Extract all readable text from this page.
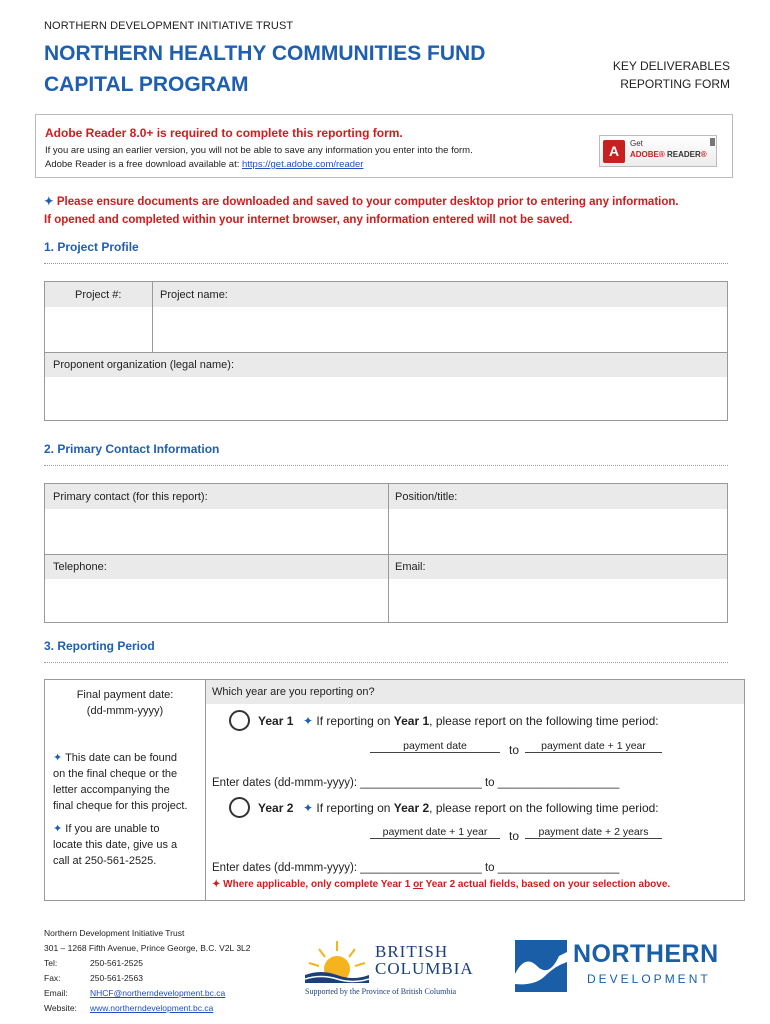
NORTHERN DEVELOPMENT INITIATIVE TRUST
NORTHERN HEALTHY COMMUNITIES FUND
CAPITAL PROGRAM
KEY DELIVERABLES
REPORTING FORM
Adobe Reader 8.0+ is required to complete this reporting form.
If you are using an earlier version, you will not be able to save any information you enter into the form.
Adobe Reader is a free download available at: https://get.adobe.com/reader
A	Get
ADOBE® READER®
✦ Please ensure documents are downloaded and saved to your computer desktop prior to entering any information.
If opened and completed within your internet browser, any information entered will not be saved.
1. Project Profile
Project #:	Project name:
Proponent organization (legal name):
2. Primary Contact Information
Primary contact (for this report):	Position/title:
Telephone:	Email:
3. Reporting Period
Final payment date:
(dd-mmm-yyyy)
✦ This date can be found
on the final cheque or the
letter accompanying the
final cheque for this project.
✦ If you are unable to
locate this date, give us a
call at 250-561-2525.
Which year are you reporting on?
Year 1 ✦ If reporting on Year 1, please report on the following time period:
payment date	to	payment date + 1 year
Enter dates (dd-mmm-yyyy): ___________________ to ___________________
Year 2 ✦ If reporting on Year 2, please report on the following time period:
payment date + 1 year	to	payment date + 2 years
Enter dates (dd-mmm-yyyy): ___________________ to ___________________
✦ Where applicable, only complete Year 1 or Year 2 actual fields, based on your selection above.
Northern Development Initiative Trust
301 – 1268 Fifth Avenue, Prince George, B.C. V2L 3L2
Tel:	250-561-2525
Fax:	250-561-2563
Email:	NHCF@northerndevelopment.bc.ca
Website: www.northerndevelopment.bc.ca
BRITISH
COLUMBIA
Supported by the Province of British Columbia
NORTHERN
DEVELOPMENT
